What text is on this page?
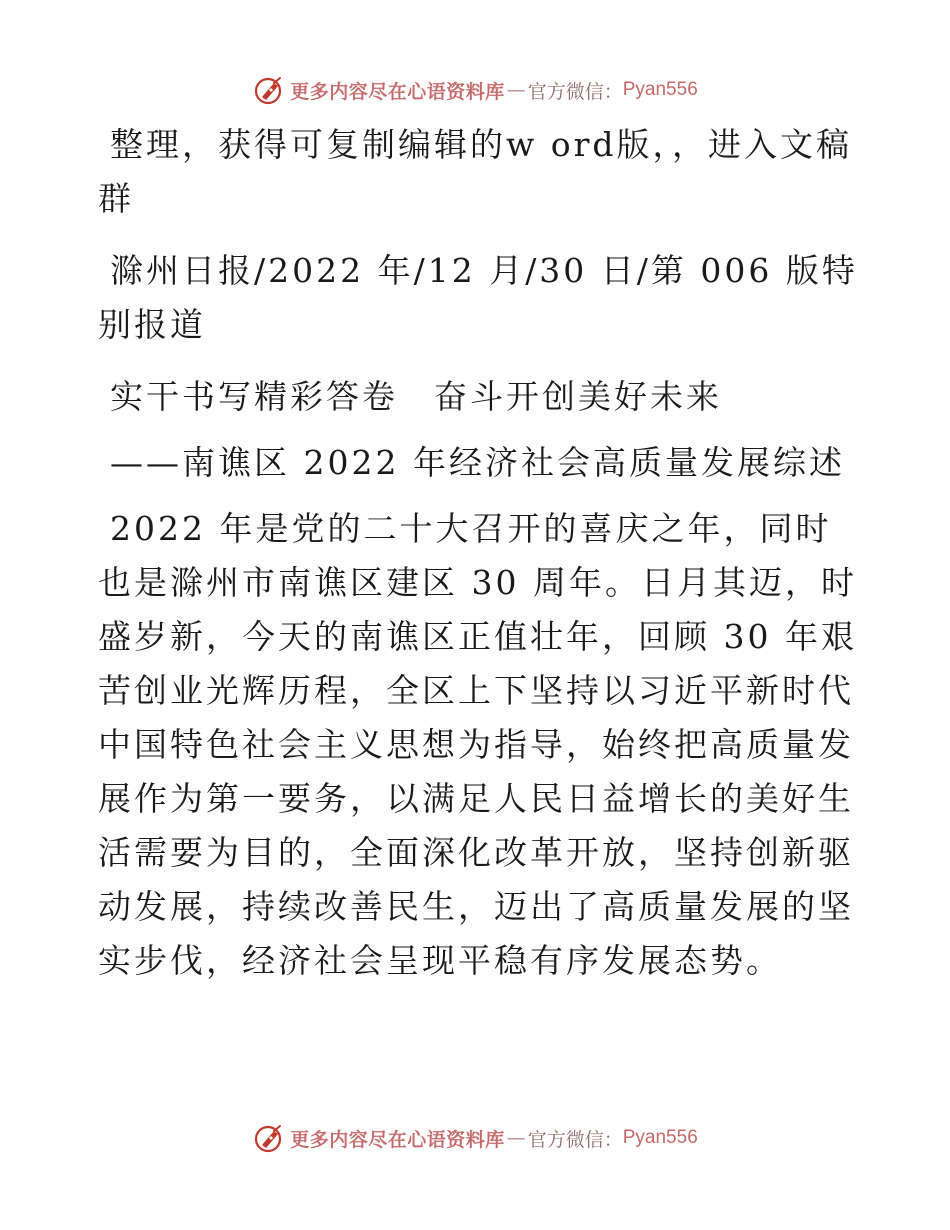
更多内容尽在心语资料库 — 官方微信： Pyan556

整理，获得可复制编辑的w ord版，，进入文稿群

滁州日报/2022 年/12 月/30 日/第 006 版特别报道

实干书写精彩答卷　奋斗开创美好未来

——南谯区 2022 年经济社会高质量发展综述

2022 年是党的二十大召开的喜庆之年，同时也是滁州市南谯区建区 30 周年。日月其迈，时盛岁新，今天的南谯区正值壮年，回顾 30 年艰苦创业光辉历程，全区上下坚持以习近平新时代中国特色社会主义思想为指导，始终把高质量发展作为第一要务，以满足人民日益增长的美好生活需要为目的，全面深化改革开放，坚持创新驱动发展，持续改善民生，迈出了高质量发展的坚实步伐，经济社会呈现平稳有序发展态势。

更多内容尽在心语资料库 — 官方微信： Pyan556
